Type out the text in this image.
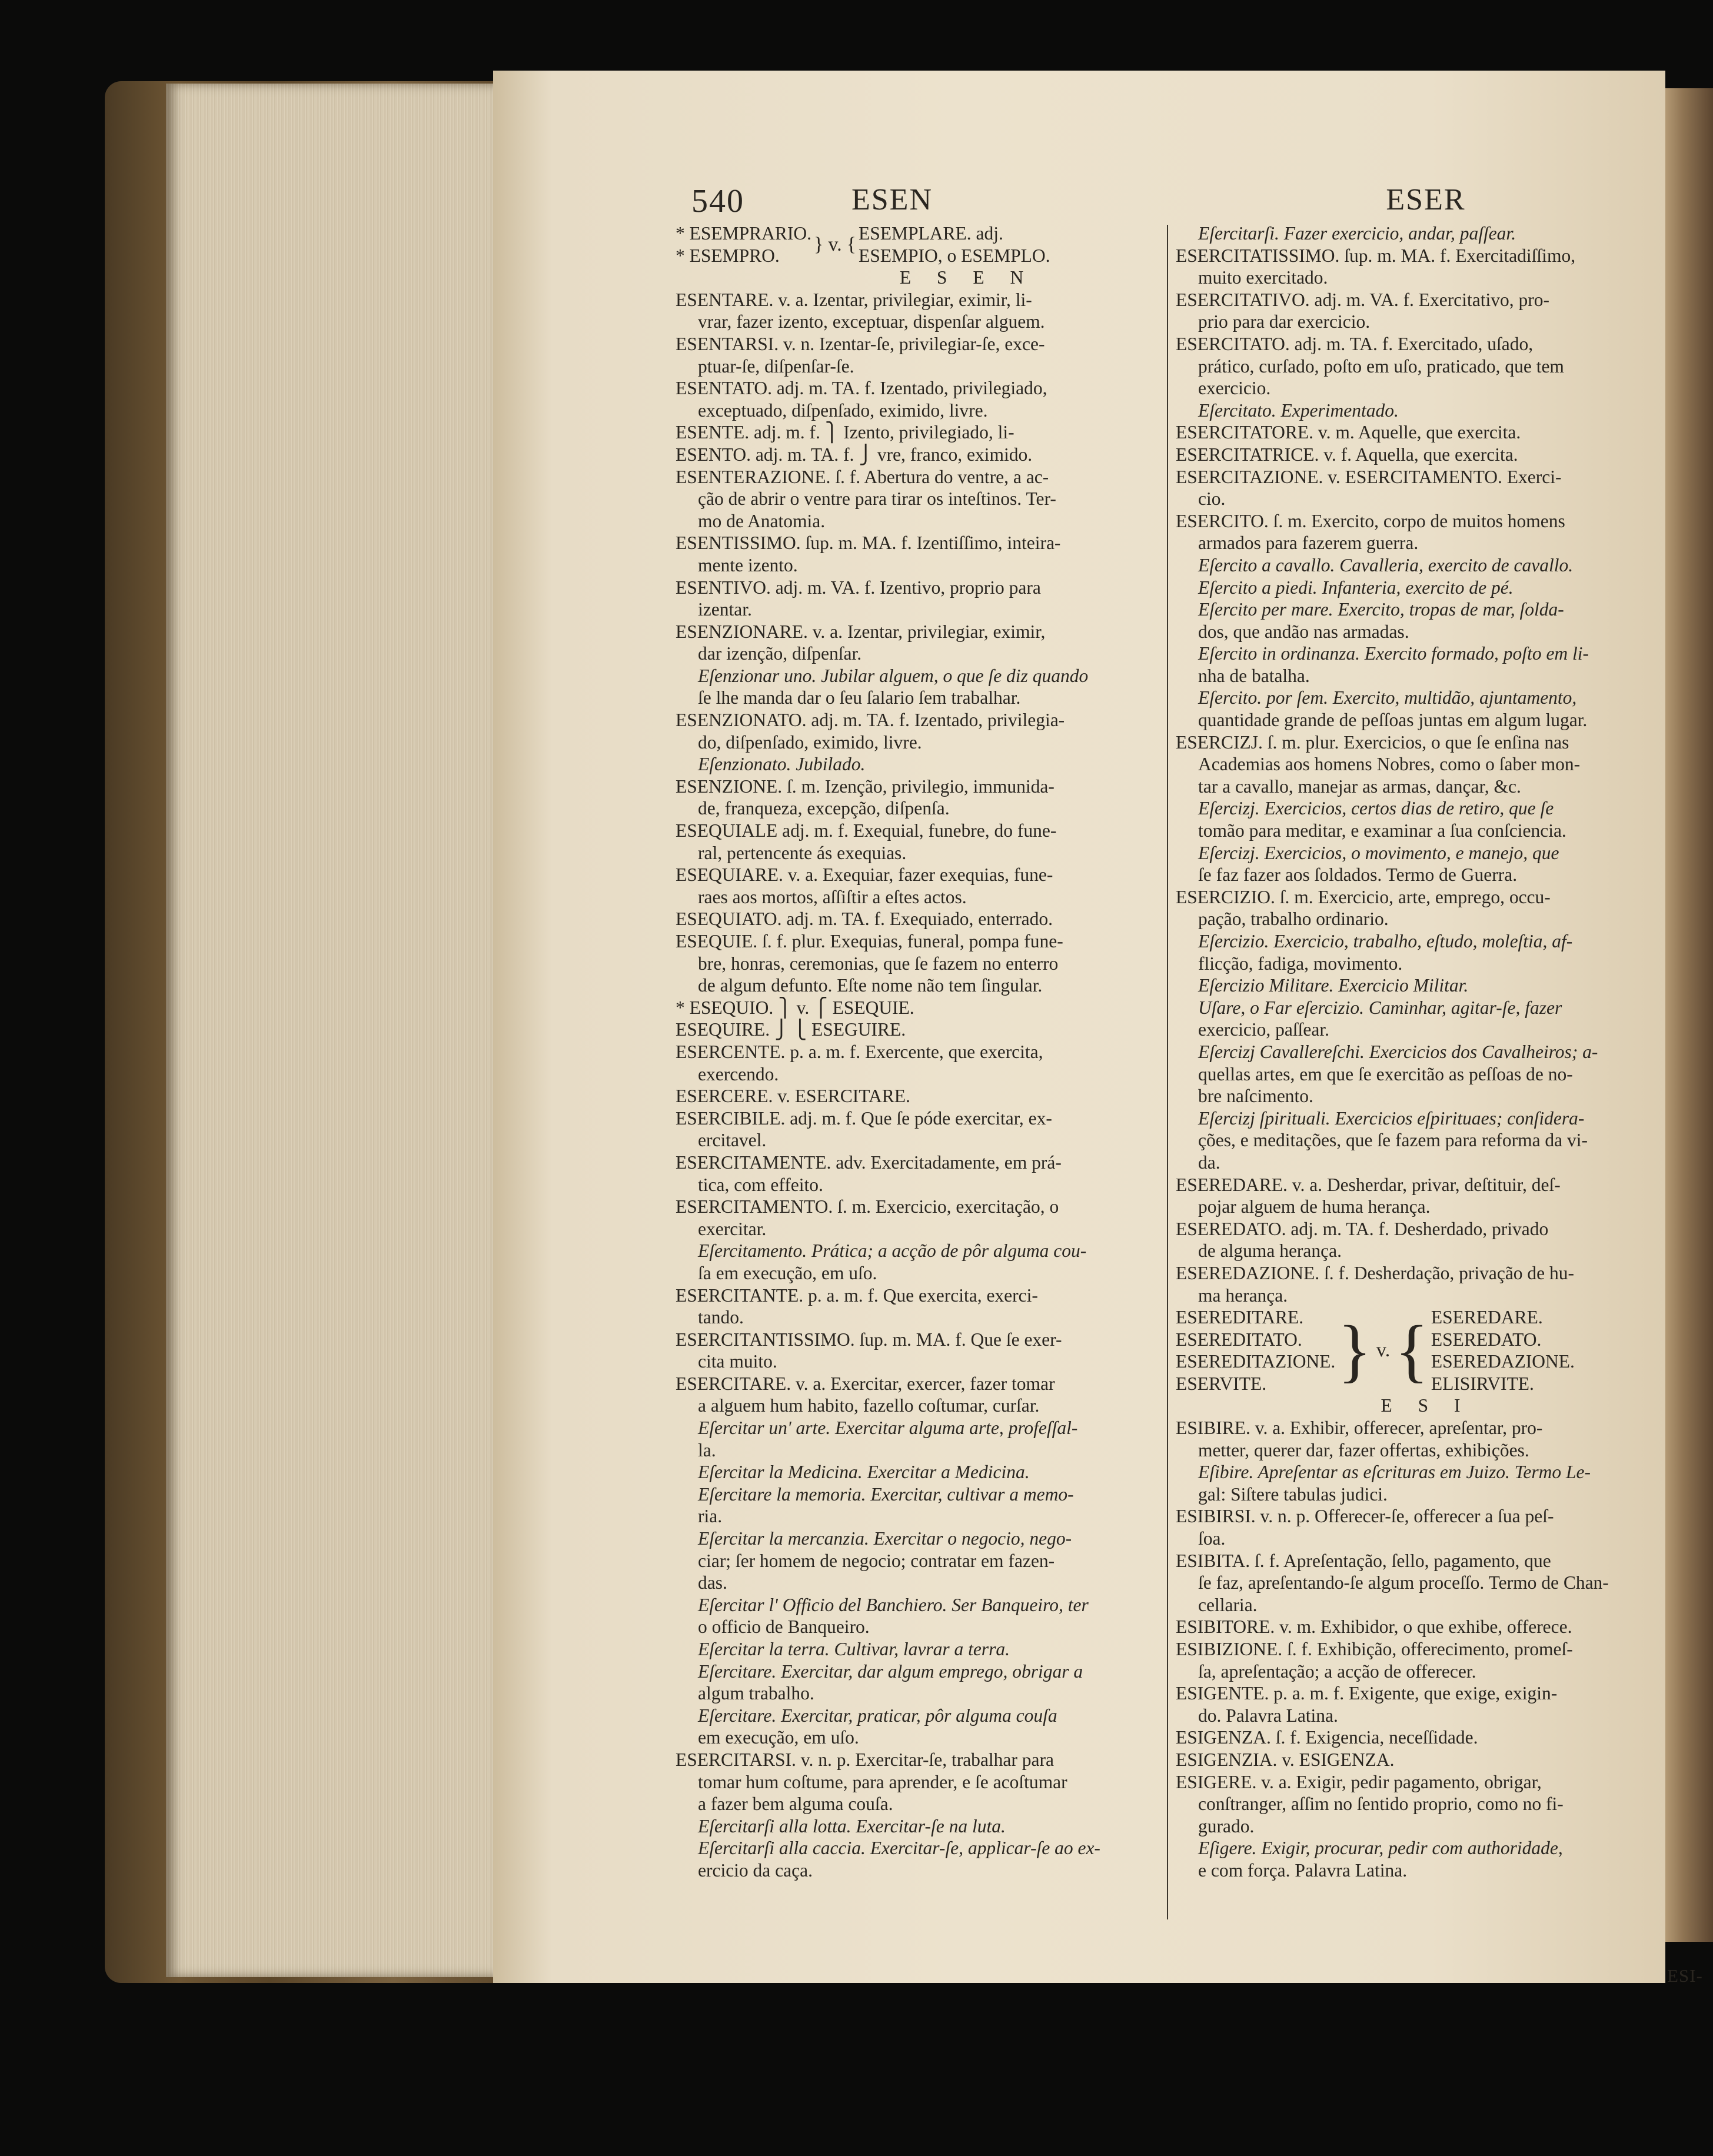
540	ESEN	ESER
* ESEMPRARIO.
* ESEMPRO.
} v. {
ESEMPLARE. adj.
ESEMPIO, o ESEMPLO.
E S E N
ESENTARE. v. a. Izentar, privilegiar, eximir, li-
vrar, fazer izento, exceptuar, dispenſar alguem.
ESENTARSI. v. n. Izentar-ſe, privilegiar-ſe, exce-
ptuar-ſe, diſpenſar-ſe.
ESENTATO. adj. m. TA. f. Izentado, privilegiado,
exceptuado, diſpenſado, eximido, livre.
ESENTE. adj. m. f. ⎫ Izento, privilegiado, li-
ESENTO. adj. m. TA. f. ⎭ vre, franco, eximido.
ESENTERAZIONE. ſ. f. Abertura do ventre, a ac-
ção de abrir o ventre para tirar os inteſtinos. Ter-
mo de Anatomia.
ESENTISSIMO. ſup. m. MA. f. Izentiſſimo, inteira-
mente izento.
ESENTIVO. adj. m. VA. f. Izentivo, proprio para
izentar.
ESENZIONARE. v. a. Izentar, privilegiar, eximir,
dar izenção, diſpenſar.
Eſenzionar uno. Jubilar alguem, o que ſe diz quando
ſe lhe manda dar o ſeu ſalario ſem trabalhar.
ESENZIONATO. adj. m. TA. f. Izentado, privilegia-
do, diſpenſado, eximido, livre.
Eſenzionato. Jubilado.
ESENZIONE. ſ. m. Izenção, privilegio, immunida-
de, franqueza, excepção, diſpenſa.
ESEQUIALE adj. m. f. Exequial, funebre, do fune-
ral, pertencente ás exequias.
ESEQUIARE. v. a. Exequiar, fazer exequias, fune-
raes aos mortos, aſſiſtir a eſtes actos.
ESEQUIATO. adj. m. TA. f. Exequiado, enterrado.
ESEQUIE. ſ. f. plur. Exequias, funeral, pompa fune-
bre, honras, ceremonias, que ſe fazem no enterro
de algum defunto. Eſte nome não tem ſingular.
* ESEQUIO. ⎫ v. ⎧ ESEQUIE.
ESEQUIRE. ⎭ ⎩ ESEGUIRE.
ESERCENTE. p. a. m. f. Exercente, que exercita,
exercendo.
ESERCERE. v. ESERCITARE.
ESERCIBILE. adj. m. f. Que ſe póde exercitar, ex-
ercitavel.
ESERCITAMENTE. adv. Exercitadamente, em prá-
tica, com effeito.
ESERCITAMENTO. ſ. m. Exercicio, exercitação, o
exercitar.
Eſercitamento. Prática; a acção de pôr alguma cou-
ſa em execução, em uſo.
ESERCITANTE. p. a. m. f. Que exercita, exerci-
tando.
ESERCITANTISSIMO. ſup. m. MA. f. Que ſe exer-
cita muito.
ESERCITARE. v. a. Exercitar, exercer, fazer tomar
a alguem hum habito, fazello coſtumar, curſar.
Eſercitar un' arte. Exercitar alguma arte, profeſſal-
la.
Eſercitar la Medicina. Exercitar a Medicina.
Eſercitare la memoria. Exercitar, cultivar a memo-
ria.
Eſercitar la mercanzia. Exercitar o negocio, nego-
ciar; ſer homem de negocio; contratar em fazen-
das.
Eſercitar l' Officio del Banchiero. Ser Banqueiro, ter
o officio de Banqueiro.
Eſercitar la terra. Cultivar, lavrar a terra.
Eſercitare. Exercitar, dar algum emprego, obrigar a
algum trabalho.
Eſercitare. Exercitar, praticar, pôr alguma couſa
em execução, em uſo.
ESERCITARSI. v. n. p. Exercitar-ſe, trabalhar para
tomar hum coſtume, para aprender, e ſe acoſtumar
a fazer bem alguma couſa.
Eſercitarſi alla lotta. Exercitar-ſe na luta.
Eſercitarſi alla caccia. Exercitar-ſe, applicar-ſe ao ex-
ercicio da caça.
Eſercitarſi. Fazer exercicio, andar, paſſear.
ESERCITATISSIMO. ſup. m. MA. f. Exercitadiſſimo,
muito exercitado.
ESERCITATIVO. adj. m. VA. f. Exercitativo, pro-
prio para dar exercicio.
ESERCITATO. adj. m. TA. f. Exercitado, uſado,
prático, curſado, poſto em uſo, praticado, que tem
exercicio.
Eſercitato. Experimentado.
ESERCITATORE. v. m. Aquelle, que exercita.
ESERCITATRICE. v. f. Aquella, que exercita.
ESERCITAZIONE. v. ESERCITAMENTO. Exerci-
cio.
ESERCITO. ſ. m. Exercito, corpo de muitos homens
armados para fazerem guerra.
Eſercito a cavallo. Cavalleria, exercito de cavallo.
Eſercito a piedi. Infanteria, exercito de pé.
Eſercito per mare. Exercito, tropas de mar, ſolda-
dos, que andão nas armadas.
Eſercito in ordinanza. Exercito formado, poſto em li-
nha de batalha.
Eſercito. por ſem. Exercito, multidão, ajuntamento,
quantidade grande de peſſoas juntas em algum lugar.
ESERCIZJ. ſ. m. plur. Exercicios, o que ſe enſina nas
Academias aos homens Nobres, como o ſaber mon-
tar a cavallo, manejar as armas, dançar, &c.
Eſercizj. Exercicios, certos dias de retiro, que ſe
tomão para meditar, e examinar a ſua conſciencia.
Eſercizj. Exercicios, o movimento, e manejo, que
ſe faz fazer aos ſoldados. Termo de Guerra.
ESERCIZIO. ſ. m. Exercicio, arte, emprego, occu-
pação, trabalho ordinario.
Eſercizio. Exercicio, trabalho, eſtudo, moleſtia, af-
flicção, fadiga, movimento.
Eſercizio Militare. Exercicio Militar.
Uſare, o Far eſercizio. Caminhar, agitar-ſe, fazer
exercicio, paſſear.
Eſercizj Cavallereſchi. Exercicios dos Cavalheiros; a-
quellas artes, em que ſe exercitão as peſſoas de no-
bre naſcimento.
Eſercizj ſpirituali. Exercicios eſpirituaes; conſidera-
ções, e meditações, que ſe fazem para reforma da vi-
da.
ESEREDARE. v. a. Desherdar, privar, deſtituir, deſ-
pojar alguem de huma herança.
ESEREDATO. adj. m. TA. f. Desherdado, privado
de alguma herança.
ESEREDAZIONE. ſ. f. Desherdação, privação de hu-
ma herança.
ESEREDITARE.
ESEREDITATO.
ESEREDITAZIONE.
ESERVITE.	} v. { ESEREDARE.
ESEREDATO.
ESEREDAZIONE.
ELISIRVITE.
E S I
ESIBIRE. v. a. Exhibir, offerecer, apreſentar, pro-
metter, querer dar, fazer offertas, exhibições.
Eſibire. Apreſentar as eſcrituras em Juizo. Termo Le-
gal: Siſtere tabulas judici.
ESIBIRSI. v. n. p. Offerecer-ſe, offerecer a ſua peſ-
ſoa.
ESIBITA. ſ. f. Apreſentação, ſello, pagamento, que
ſe faz, apreſentando-ſe algum proceſſo. Termo de Chan-
cellaria.
ESIBITORE. v. m. Exhibidor, o que exhibe, offerece.
ESIBIZIONE. ſ. f. Exhibição, offerecimento, promeſ-
ſa, apreſentação; a acção de offerecer.
ESIGENTE. p. a. m. f. Exigente, que exige, exigin-
do. Palavra Latina.
ESIGENZA. ſ. f. Exigencia, neceſſidade.
ESIGENZIA. v. ESIGENZA.
ESIGERE. v. a. Exigir, pedir pagamento, obrigar,
conſtranger, aſſim no ſentido proprio, como no fi-
gurado.
Eſigere. Exigir, procurar, pedir com authoridade,
e com força. Palavra Latina.
ESI-
